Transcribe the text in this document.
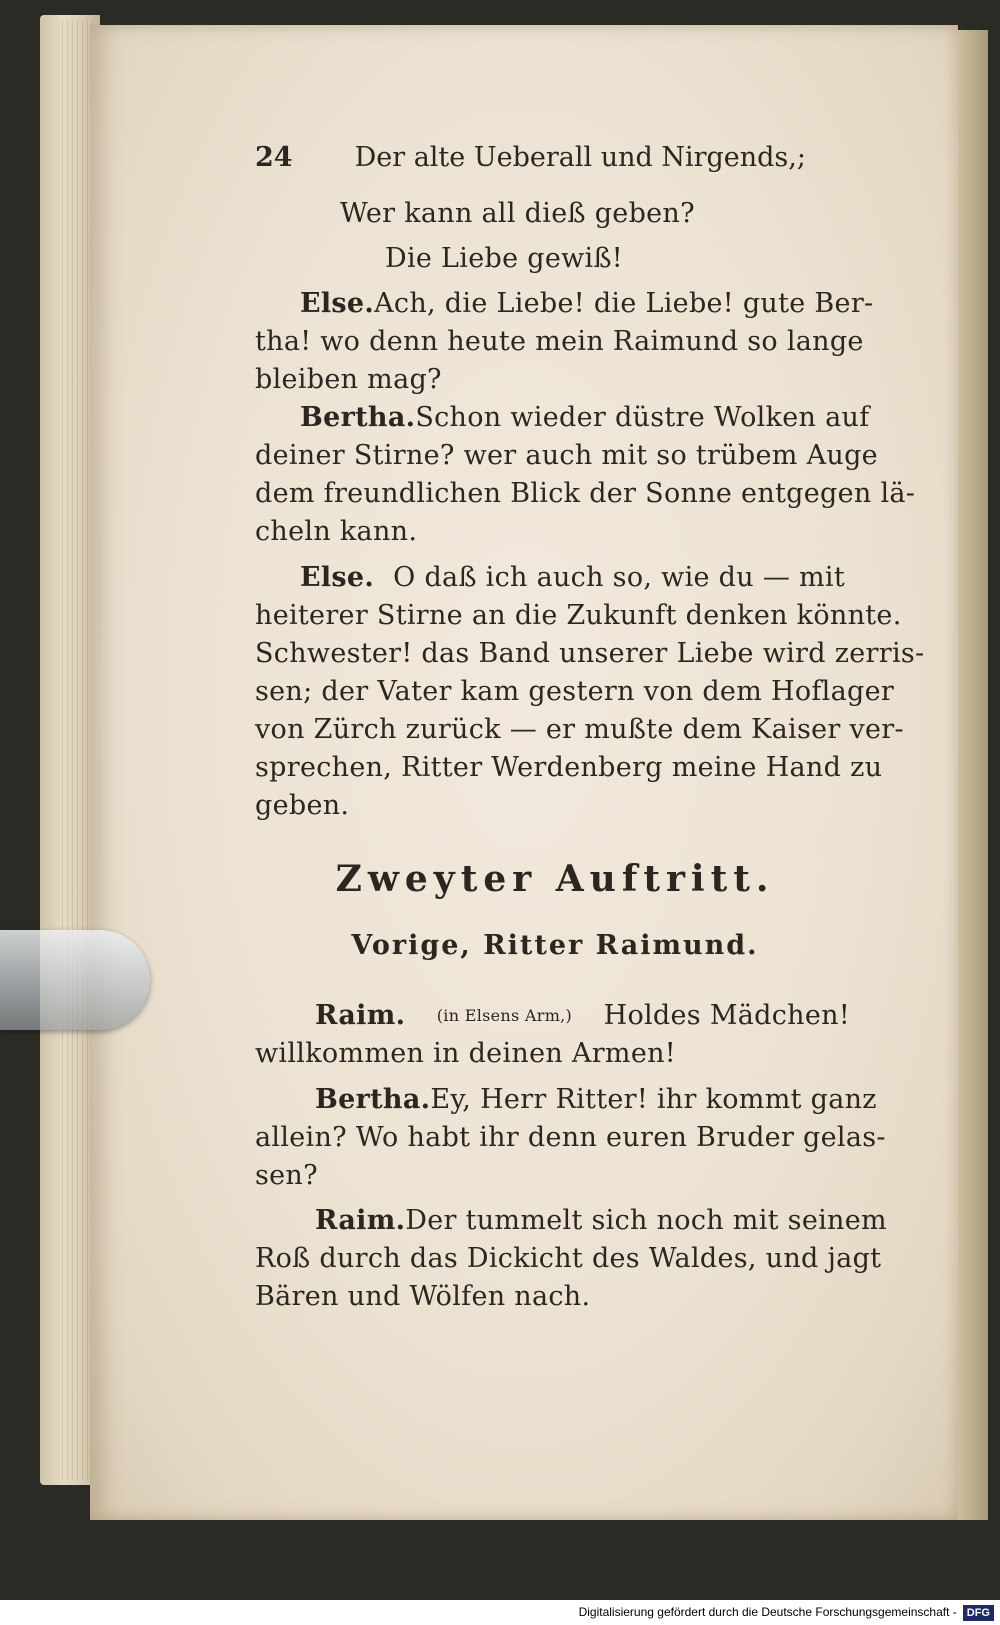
24 Der alte Ueberall und Nirgends,;
Wer kann all dieß geben?
Die Liebe gewiß!
Else. Ach, die Liebe! die Liebe! gute Ber-
tha! wo denn heute mein Raimund so lange
bleiben mag?
Bertha. Schon wieder düstre Wolken auf
deiner Stirne? wer auch mit so trübem Auge
dem freundlichen Blick der Sonne entgegen lä-
cheln kann.
Else. O daß ich auch so, wie du — mit
heiterer Stirne an die Zukunft denken könnte.
Schwester! das Band unserer Liebe wird zerris-
sen; der Vater kam gestern von dem Hoflager
von Zürch zurück — er mußte dem Kaiser ver-
sprechen, Ritter Werdenberg meine Hand zu
geben.
Zweyter Auftritt.
Vorige, Ritter Raimund.
Raim. (in Elsens Arm,) Holdes Mädchen!
willkommen in deinen Armen!
Bertha. Ey, Herr Ritter! ihr kommt ganz
allein? Wo habt ihr denn euren Bruder gelas-
sen?
Raim. Der tummelt sich noch mit seinem
Roß durch das Dickicht des Waldes, und jagt
Bären und Wölfen nach.
Digitalisierung gefördert durch die Deutsche Forschungsgemeinschaft - DFG
